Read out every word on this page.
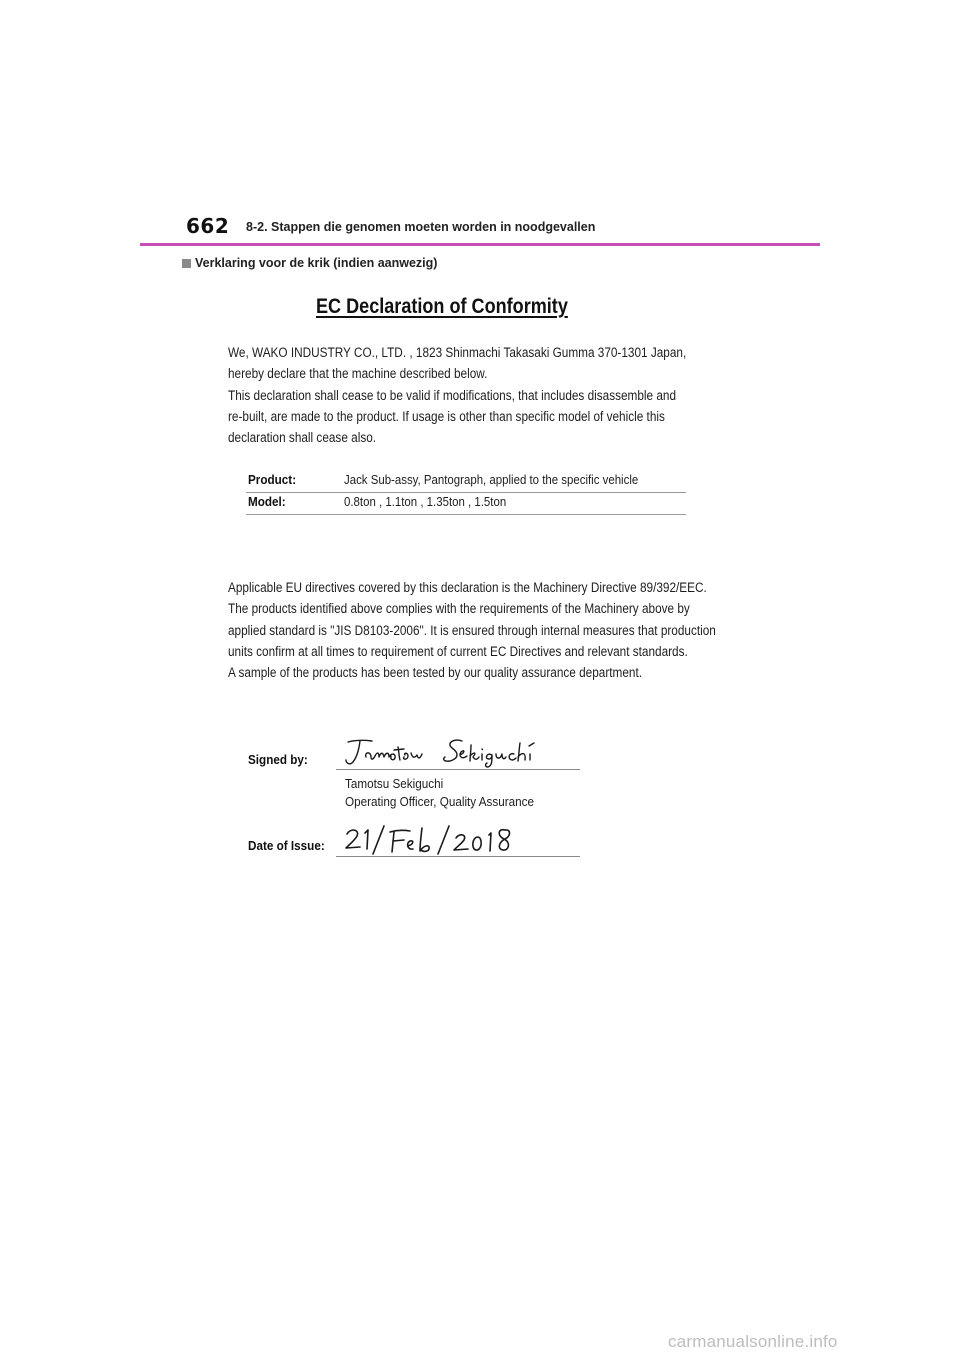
662 8-2. Stappen die genomen moeten worden in noodgevallen
Verklaring voor de krik (indien aanwezig)
EC Declaration of Conformity
We, WAKO INDUSTRY CO., LTD. , 1823 Shinmachi Takasaki Gumma 370-1301 Japan,
hereby declare that the machine described below.
This declaration shall cease to be valid if modifications, that includes disassemble and
re-built, are made to the product. If usage is other than specific model of vehicle this
declaration shall cease also.
Product:	Jack Sub-assy, Pantograph, applied to the specific vehicle
Model:	0.8ton , 1.1ton , 1.35ton , 1.5ton
Applicable EU directives covered by this declaration is the Machinery Directive 89/392/EEC.
The products identified above complies with the requirements of the Machinery above by
applied standard is "JIS D8103-2006". It is ensured through internal measures that production
units confirm at all times to requirement of current EC Directives and relevant standards.
A sample of the products has been tested by our quality assurance department.
Signed by:
Tamotsu Sekiguchi
Operating Officer, Quality Assurance
Date of Issue:
carmanualsonline.info
